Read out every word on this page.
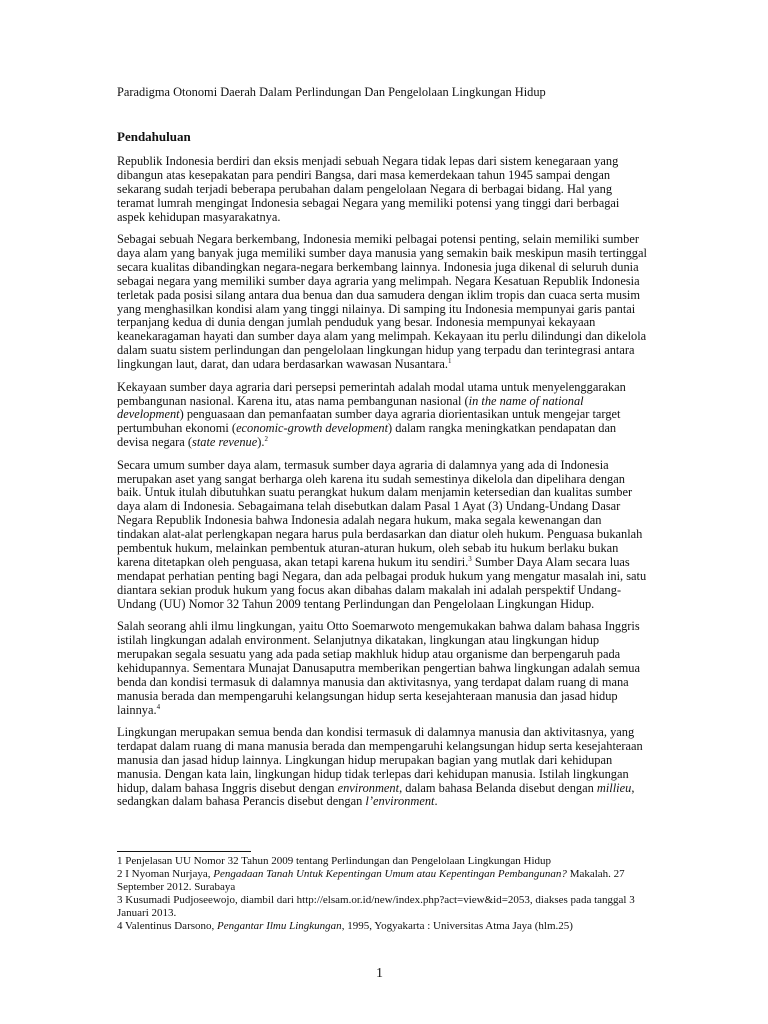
Paradigma Otonomi Daerah Dalam Perlindungan Dan Pengelolaan Lingkungan Hidup

Pendahuluan

Republik Indonesia berdiri dan eksis menjadi sebuah Negara tidak lepas dari sistem kenegaraan yang dibangun atas kesepakatan para pendiri Bangsa, dari masa kemerdekaan tahun 1945 sampai dengan sekarang sudah terjadi beberapa perubahan dalam pengelolaan Negara di berbagai bidang. Hal yang teramat lumrah mengingat Indonesia sebagai Negara yang memiliki potensi yang tinggi dari berbagai aspek kehidupan masyarakatnya.

Sebagai sebuah Negara berkembang, Indonesia memiki pelbagai potensi penting, selain memiliki sumber daya alam yang banyak juga memiliki sumber daya manusia yang semakin baik meskipun masih tertinggal secara kualitas dibandingkan negara-negara berkembang lainnya. Indonesia juga dikenal di seluruh dunia sebagai negara yang memiliki sumber daya agraria yang melimpah. Negara Kesatuan Republik Indonesia terletak pada posisi silang antara dua benua dan dua samudera dengan iklim tropis dan cuaca serta musim yang menghasilkan kondisi alam yang tinggi nilainya. Di samping itu Indonesia mempunyai garis pantai terpanjang kedua di dunia dengan jumlah penduduk yang besar. Indonesia mempunyai kekayaan keanekaragaman hayati dan sumber daya alam yang melimpah. Kekayaan itu perlu dilindungi dan dikelola dalam suatu sistem perlindungan dan pengelolaan lingkungan hidup yang terpadu dan terintegrasi antara lingkungan laut, darat, dan udara berdasarkan wawasan Nusantara.$^1$

Kekayaan sumber daya agraria dari persepsi pemerintah adalah modal utama untuk menyelenggarakan pembangunan nasional. Karena itu, atas nama pembangunan nasional (in the name of national development) penguasaan dan pemanfaatan sumber daya agraria diorientasikan untuk mengejar target pertumbuhan ekonomi (economic-growth development) dalam rangka meningkatkan pendapatan dan devisa negara (state revenue).$^2$

Secara umum sumber daya alam, termasuk sumber daya agraria di dalamnya yang ada di Indonesia merupakan aset yang sangat berharga oleh karena itu sudah semestinya dikelola dan dipelihara dengan baik. Untuk itulah dibutuhkan suatu perangkat hukum dalam menjamin ketersedian dan kualitas sumber daya alam di Indonesia. Sebagaimana telah disebutkan dalam Pasal 1 Ayat (3) Undang-Undang Dasar Negara Republik Indonesia bahwa Indonesia adalah negara hukum, maka segala kewenangan dan tindakan alat-alat perlengkapan negara harus pula berdasarkan dan diatur oleh hukum. Penguasa bukanlah pembentuk hukum, melainkan pembentuk aturan-aturan hukum, oleh sebab itu hukum berlaku bukan karena ditetapkan oleh penguasa, akan tetapi karena hukum itu sendiri.$^3$ Sumber Daya Alam secara luas mendapat perhatian penting bagi Negara, dan ada pelbagai produk hukum yang mengatur masalah ini, satu diantara sekian produk hukum yang focus akan dibahas dalam makalah ini adalah perspektif Undang-Undang (UU) Nomor 32 Tahun 2009 tentang Perlindungan dan Pengelolaan Lingkungan Hidup.

Salah seorang ahli ilmu lingkungan, yaitu Otto Soemarwoto mengemukakan bahwa dalam bahasa Inggris istilah lingkungan adalah environment. Selanjutnya dikatakan, lingkungan atau lingkungan hidup merupakan segala sesuatu yang ada pada setiap makhluk hidup atau organisme dan berpengaruh pada kehidupannya. Sementara Munajat Danusaputra memberikan pengertian bahwa lingkungan adalah semua benda dan kondisi termasuk di dalamnya manusia dan aktivitasnya, yang terdapat dalam ruang di mana manusia berada dan mempengaruhi kelangsungan hidup serta kesejahteraan manusia dan jasad hidup lainnya.$^4$

Lingkungan merupakan semua benda dan kondisi termasuk di dalamnya manusia dan aktivitasnya, yang terdapat dalam ruang di mana manusia berada dan mempengaruhi kelangsungan hidup serta kesejahteraan manusia dan jasad hidup lainnya. Lingkungan hidup merupakan bagian yang mutlak dari kehidupan manusia. Dengan kata lain, lingkungan hidup tidak terlepas dari kehidupan manusia. Istilah lingkungan hidup, dalam bahasa Inggris disebut dengan environment, dalam bahasa Belanda disebut dengan millieu, sedangkan dalam bahasa Perancis disebut dengan l’environment.

1 Penjelasan UU Nomor 32 Tahun 2009 tentang Perlindungan dan Pengelolaan Lingkungan Hidup

2 I Nyoman Nurjaya, Pengadaan Tanah Untuk Kepentingan Umum atau Kepentingan Pembangunan? Makalah. 27 September 2012. Surabaya

3 Kusumadi Pudjoseewojo, diambil dari http://elsam.or.id/new/index.php?act=view&id=2053, diakses pada tanggal 3 Januari 2013.

4 Valentinus Darsono, Pengantar Ilmu Lingkungan, 1995, Yogyakarta : Universitas Atma Jaya (hlm.25)

1
